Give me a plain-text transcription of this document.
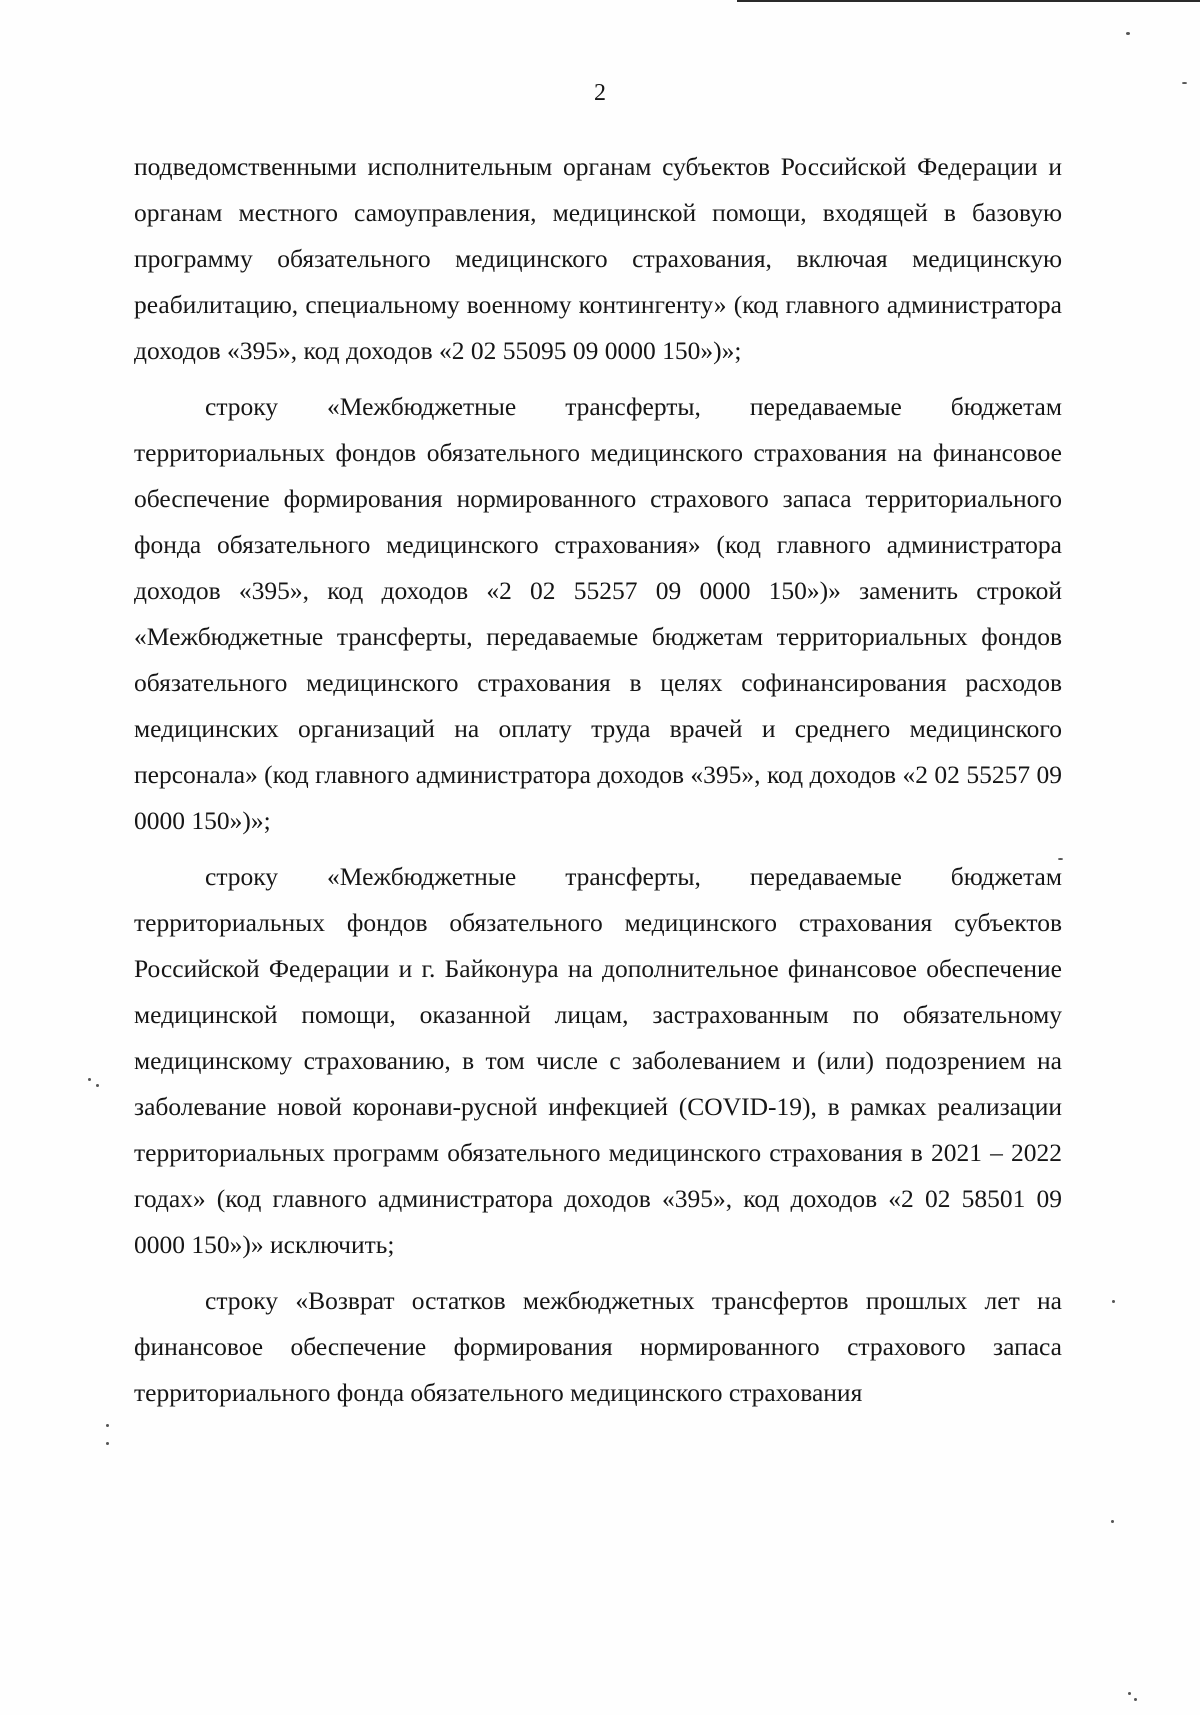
2

подведомственными исполнительным органам субъектов Российской Федерации и органам местного самоуправления, медицинской помощи, входящей в базовую программу обязательного медицинского страхования, включая медицинскую реабилитацию, специальному военному контингенту» (код главного администратора доходов «395», код доходов «2 02 55095 09 0000 150»)»;

строку «Межбюджетные трансферты, передаваемые бюджетам территориальных фондов обязательного медицинского страхования на финансовое обеспечение формирования нормированного страхового запаса территориального фонда обязательного медицинского страхования» (код главного администратора доходов «395», код доходов «2 02 55257 09 0000 150»)» заменить строкой «Межбюджетные трансферты, передаваемые бюджетам территориальных фондов обязательного медицинского страхования в целях софинансирования расходов медицинских организаций на оплату труда врачей и среднего медицинского персонала» (код главного администратора доходов «395», код доходов «2 02 55257 09 0000 150»)»;

строку «Межбюджетные трансферты, передаваемые бюджетам территориальных фондов обязательного медицинского страхования субъектов Российской Федерации и г. Байконура на дополнительное финансовое обеспечение медицинской помощи, оказанной лицам, застрахованным по обязательному медицинскому страхованию, в том числе с заболеванием и (или) подозрением на заболевание новой коронави-русной инфекцией (COVID-19), в рамках реализации территориальных программ обязательного медицинского страхования в 2021 – 2022 годах» (код главного администратора доходов «395», код доходов «2 02 58501 09 0000 150»)» исключить;

строку «Возврат остатков межбюджетных трансфертов прошлых лет на финансовое обеспечение формирования нормированного страхового запаса территориального фонда обязательного медицинского страхования
